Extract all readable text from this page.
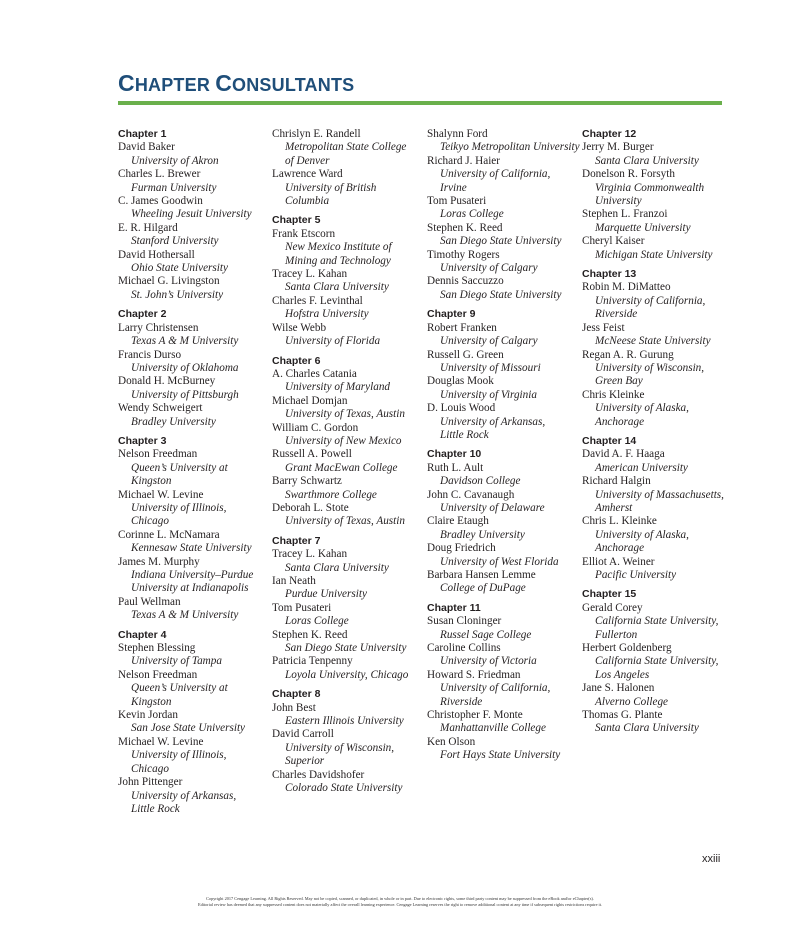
CHAPTER CONSULTANTS
Chapter 1
David Baker
University of Akron
Charles L. Brewer
Furman University
C. James Goodwin
Wheeling Jesuit University
E. R. Hilgard
Stanford University
David Hothersall
Ohio State University
Michael G. Livingston
St. John’s University
Chapter 2
Larry Christensen
Texas A & M University
Francis Durso
University of Oklahoma
Donald H. McBurney
University of Pittsburgh
Wendy Schweigert
Bradley University
Chapter 3
Nelson Freedman
Queen’s University at
Kingston
Michael W. Levine
University of Illinois,
Chicago
Corinne L. McNamara
Kennesaw State University
James M. Murphy
Indiana University–Purdue
University at Indianapolis
Paul Wellman
Texas A & M University
Chapter 4
Stephen Blessing
University of Tampa
Nelson Freedman
Queen’s University at
Kingston
Kevin Jordan
San Jose State University
Michael W. Levine
University of Illinois,
Chicago
John Pittenger
University of Arkansas,
Little Rock
Chrislyn E. Randell
Metropolitan State College
of Denver
Lawrence Ward
University of British
Columbia
Chapter 5
Frank Etscorn
New Mexico Institute of
Mining and Technology
Tracey L. Kahan
Santa Clara University
Charles F. Levinthal
Hofstra University
Wilse Webb
University of Florida
Chapter 6
A. Charles Catania
University of Maryland
Michael Domjan
University of Texas, Austin
William C. Gordon
University of New Mexico
Russell A. Powell
Grant MacEwan College
Barry Schwartz
Swarthmore College
Deborah L. Stote
University of Texas, Austin
Chapter 7
Tracey L. Kahan
Santa Clara University
Ian Neath
Purdue University
Tom Pusateri
Loras College
Stephen K. Reed
San Diego State University
Patricia Tenpenny
Loyola University, Chicago
Chapter 8
John Best
Eastern Illinois University
David Carroll
University of Wisconsin,
Superior
Charles Davidshofer
Colorado State University
Shalynn Ford
Teikyo Metropolitan University
Richard J. Haier
University of California,
Irvine
Tom Pusateri
Loras College
Stephen K. Reed
San Diego State University
Timothy Rogers
University of Calgary
Dennis Saccuzzo
San Diego State University
Chapter 9
Robert Franken
University of Calgary
Russell G. Green
University of Missouri
Douglas Mook
University of Virginia
D. Louis Wood
University of Arkansas,
Little Rock
Chapter 10
Ruth L. Ault
Davidson College
John C. Cavanaugh
University of Delaware
Claire Etaugh
Bradley University
Doug Friedrich
University of West Florida
Barbara Hansen Lemme
College of DuPage
Chapter 11
Susan Cloninger
Russel Sage College
Caroline Collins
University of Victoria
Howard S. Friedman
University of California,
Riverside
Christopher F. Monte
Manhattanville College
Ken Olson
Fort Hays State University
Chapter 12
Jerry M. Burger
Santa Clara University
Donelson R. Forsyth
Virginia Commonwealth
University
Stephen L. Franzoi
Marquette University
Cheryl Kaiser
Michigan State University
Chapter 13
Robin M. DiMatteo
University of California,
Riverside
Jess Feist
McNeese State University
Regan A. R. Gurung
University of Wisconsin,
Green Bay
Chris Kleinke
University of Alaska,
Anchorage
Chapter 14
David A. F. Haaga
American University
Richard Halgin
University of Massachusetts,
Amherst
Chris L. Kleinke
University of Alaska,
Anchorage
Elliot A. Weiner
Pacific University
Chapter 15
Gerald Corey
California State University,
Fullerton
Herbert Goldenberg
California State University,
Los Angeles
Jane S. Halonen
Alverno College
Thomas G. Plante
Santa Clara University
xxiii
Copyright 2017 Cengage Learning. All Rights Reserved. May not be copied, scanned, or duplicated, in whole or in part. Due to electronic rights, some third party content may be suppressed from the eBook and/or eChapter(s).
Editorial review has deemed that any suppressed content does not materially affect the overall learning experience. Cengage Learning reserves the right to remove additional content at any time if subsequent rights restrictions require it.
